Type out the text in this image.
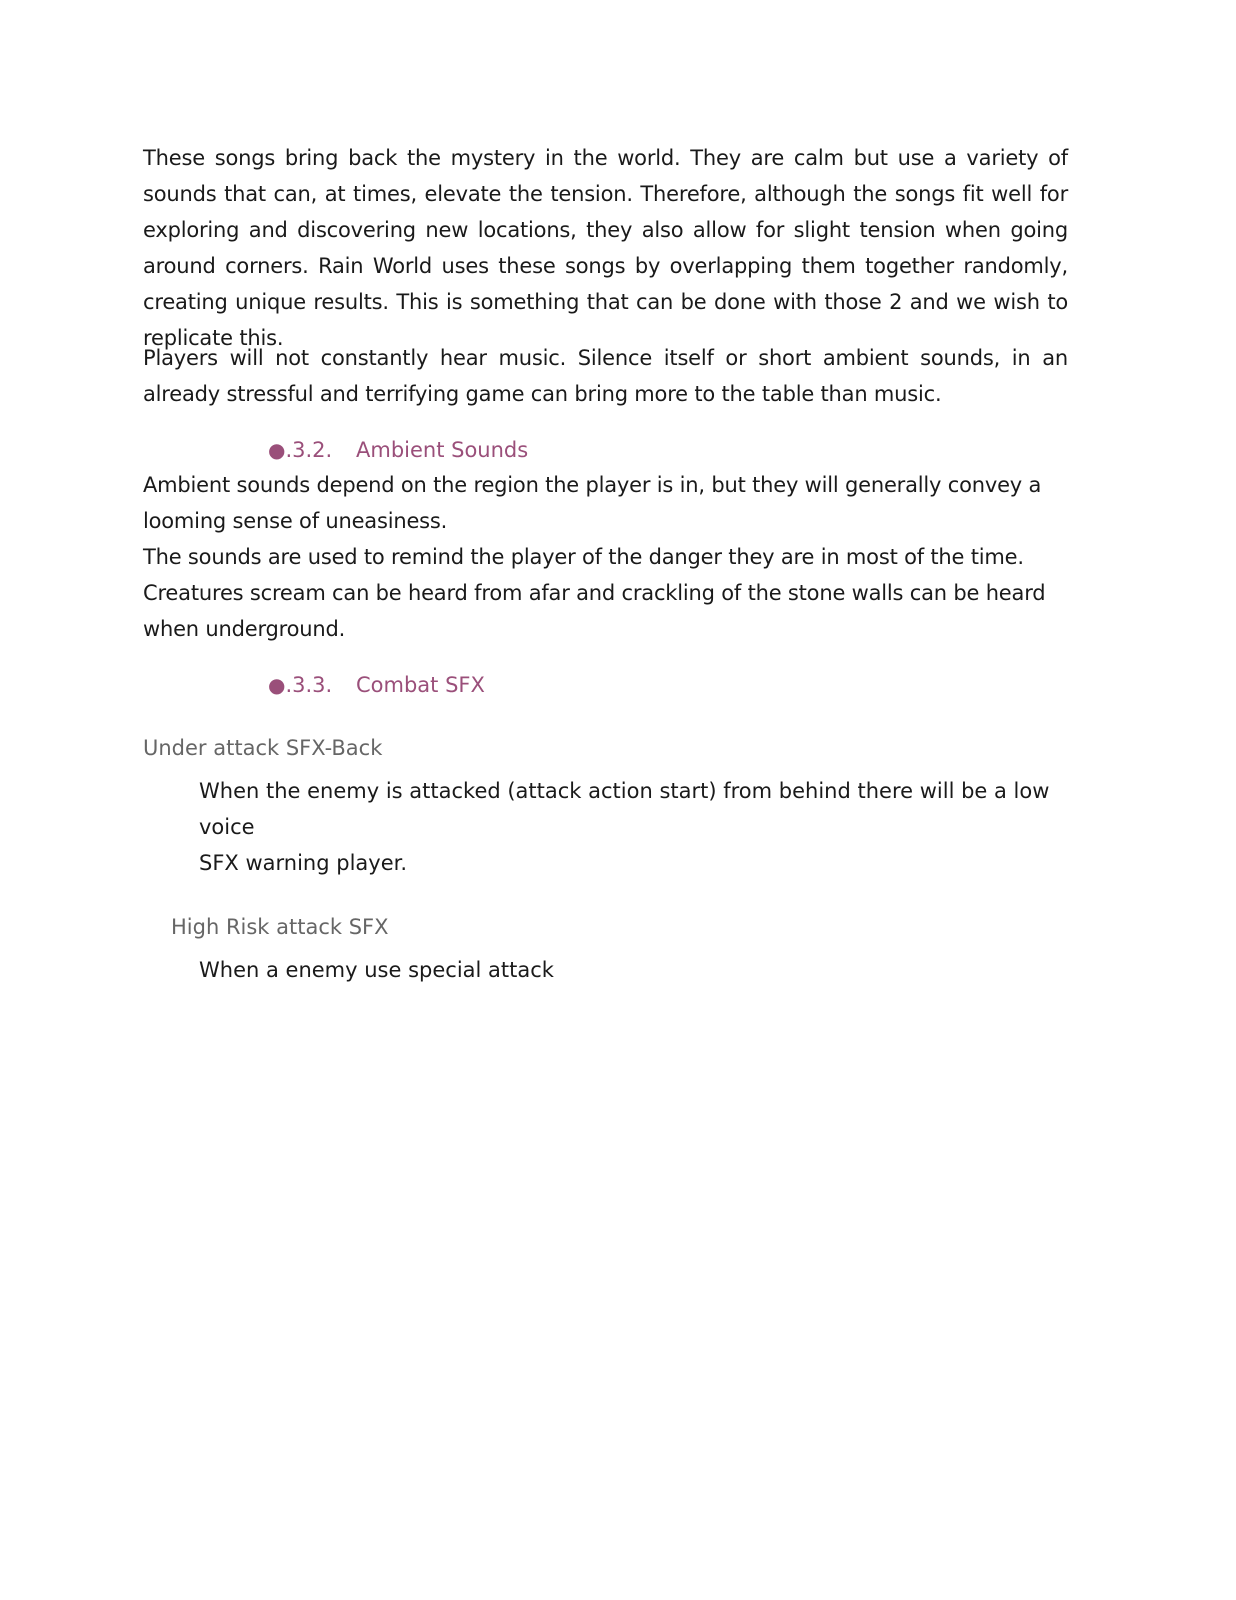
These songs bring back the mystery in the world. They are calm but use a variety of sounds that can, at times, elevate the tension. Therefore, although the songs fit well for exploring and discovering new locations, they also allow for slight tension when going around corners. Rain World uses these songs by overlapping them together randomly, creating unique results. This is something that can be done with those 2 and we wish to replicate this.

Players will not constantly hear music. Silence itself or short ambient sounds, in an already stressful and terrifying game can bring more to the table than music.

●.3.2. Ambient Sounds
Ambient sounds depend on the region the player is in, but they will generally convey a
looming sense of uneasiness.
The sounds are used to remind the player of the danger they are in most of the time.
Creatures scream can be heard from afar and crackling of the stone walls can be heard
when underground.
●.3.3. Combat SFX
Under attack SFX-Back
When the enemy is attacked (attack action start) from behind there will be a low voice
SFX warning player.
High Risk attack SFX
When a enemy use special attack
